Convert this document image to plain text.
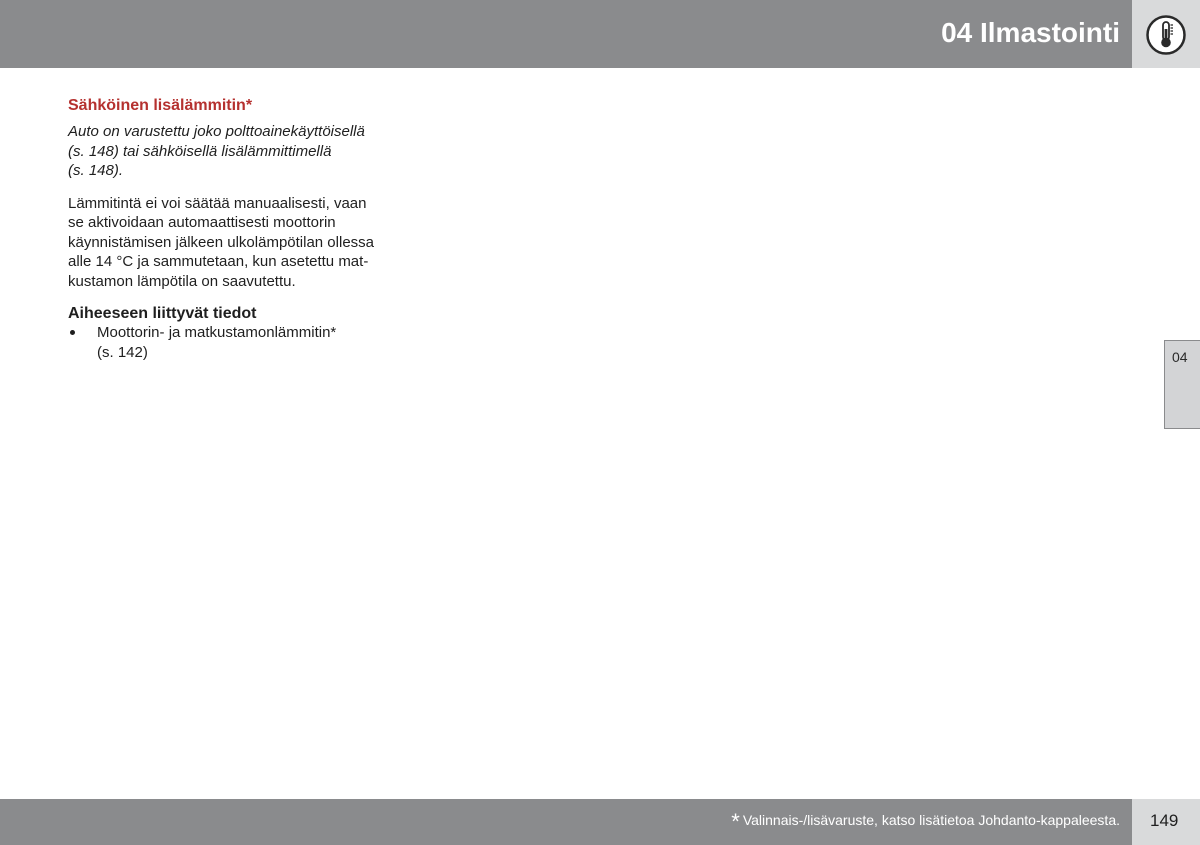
04 Ilmastointi
Sähköinen lisälämmitin*

Auto on varustettu joko polttoainekäyttöisellä
(s. 148) tai sähköisellä lisälämmittimellä
(s. 148).

Lämmitintä ei voi säätää manuaalisesti, vaan
se aktivoidaan automaattisesti moottorin
käynnistämisen jälkeen ulkolämpötilan ollessa
alle 14 °C ja sammutetaan, kun asetettu mat-
kustamon lämpötila on saavutettu.

Aiheeseen liittyvät tiedot
Moottorin- ja matkustamonlämmitin*
(s. 142)	04
* Valinnais-/lisävaruste, katso lisätietoa Johdanto-kappaleesta. 149
